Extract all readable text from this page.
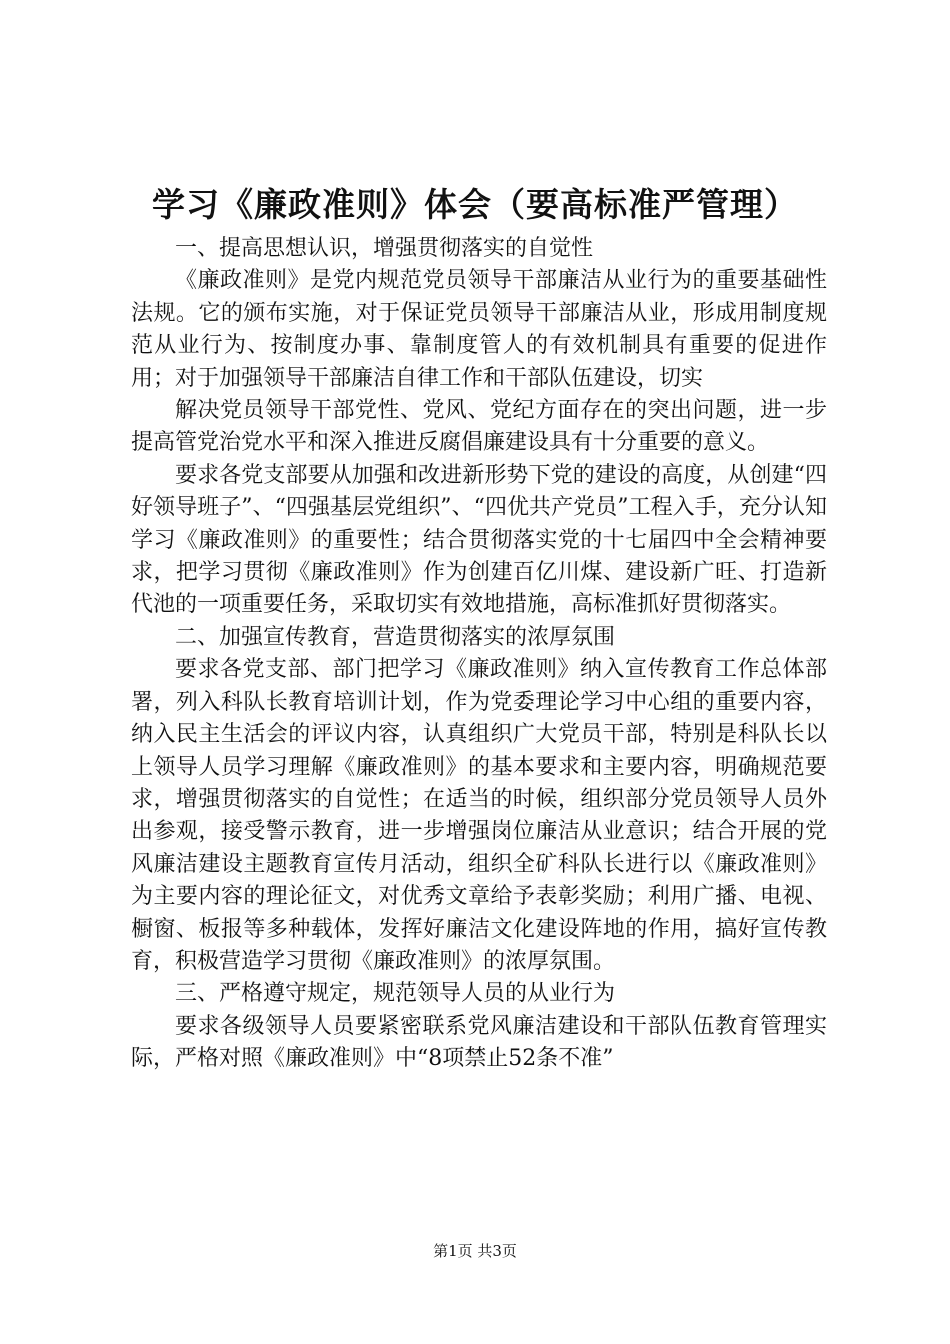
学习《廉政准则》体会（要高标准严管理）

一、提高思想认识，增强贯彻落实的自觉性

《廉政准则》是党内规范党员领导干部廉洁从业行为的重要基础性法规。它的颁布实施，对于保证党员领导干部廉洁从业，形成用制度规范从业行为、按制度办事、靠制度管人的有效机制具有重要的促进作用；对于加强领导干部廉洁自律工作和干部队伍建设，切实

解决党员领导干部党性、党风、党纪方面存在的突出问题，进一步提高管党治党水平和深入推进反腐倡廉建设具有十分重要的意义。

要求各党支部要从加强和改进新形势下党的建设的高度，从创建“四好领导班子”、“四强基层党组织”、“四优共产党员”工程入手，充分认知学习《廉政准则》的重要性；结合贯彻落实党的十七届四中全会精神要求，把学习贯彻《廉政准则》作为创建百亿川煤、建设新广旺、打造新代池的一项重要任务，采取切实有效地措施，高标准抓好贯彻落实。

二、加强宣传教育，营造贯彻落实的浓厚氛围

要求各党支部、部门把学习《廉政准则》纳入宣传教育工作总体部署，列入科队长教育培训计划，作为党委理论学习中心组的重要内容，纳入民主生活会的评议内容，认真组织广大党员干部，特别是科队长以上领导人员学习理解《廉政准则》的基本要求和主要内容，明确规范要求，增强贯彻落实的自觉性；在适当的时候，组织部分党员领导人员外出参观，接受警示教育，进一步增强岗位廉洁从业意识；结合开展的党风廉洁建设主题教育宣传月活动，组织全矿科队长进行以《廉政准则》为主要内容的理论征文，对优秀文章给予表彰奖励；利用广播、电视、橱窗、板报等多种载体，发挥好廉洁文化建设阵地的作用，搞好宣传教育，积极营造学习贯彻《廉政准则》的浓厚氛围。

三、严格遵守规定，规范领导人员的从业行为

要求各级领导人员要紧密联系党风廉洁建设和干部队伍教育管理实际，严格对照《廉政准则》中“8项禁止52条不准”

第1页 共3页
